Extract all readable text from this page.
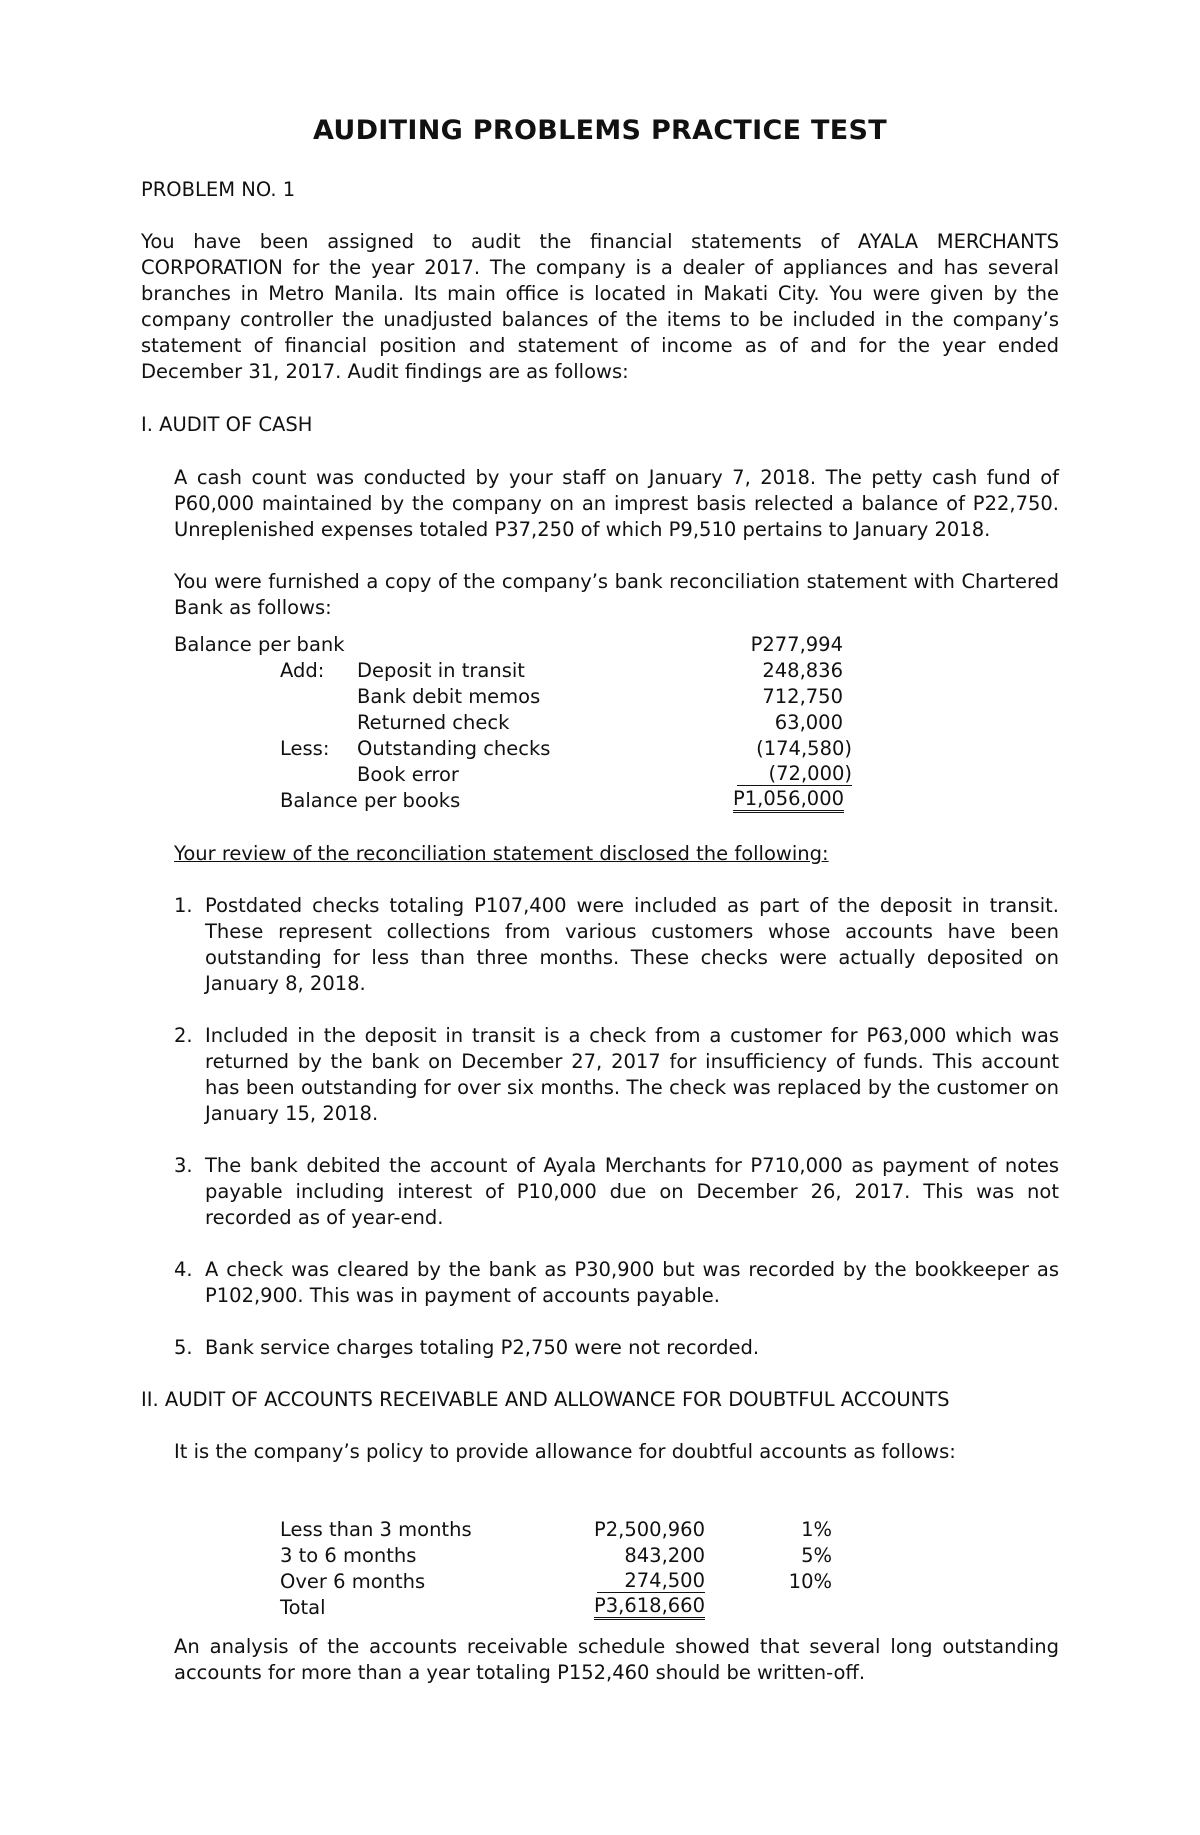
AUDITING PROBLEMS PRACTICE TEST
PROBLEM NO. 1

You have been assigned to audit the financial statements of AYALA MERCHANTS CORPORATION for the year 2017. The company is a dealer of appliances and has several branches in Metro Manila. Its main office is located in Makati City. You were given by the company controller the unadjusted balances of the items to be included in the company’s statement of financial position and statement of income as of and for the year ended December 31, 2017. Audit findings are as follows:

I. AUDIT OF CASH

A cash count was conducted by your staff on January 7, 2018. The petty cash fund of P60,000 maintained by the company on an imprest basis relected a balance of P22,750. Unreplenished expenses totaled P37,250 of which P9,510 pertains to January 2018.

You were furnished a copy of the company’s bank reconciliation statement with Chartered Bank as follows:

Balance per bank	P277,994
Add: Deposit in transit	248,836
Bank debit memos	712,750
Returned check	63,000
Less: Outstanding checks	(174,580)
Book error	(72,000)
Balance per books	P1,056,000
Your review of the reconciliation statement disclosed the following:
1. Postdated checks totaling P107,400 were included as part of the deposit in transit. These represent collections from various customers whose accounts have been outstanding for less than three months. These checks were actually deposited on January 8, 2018.

2. Included in the deposit in transit is a check from a customer for P63,000 which was returned by the bank on December 27, 2017 for insufficiency of funds. This account has been outstanding for over six months. The check was replaced by the customer on January 15, 2018.

3. The bank debited the account of Ayala Merchants for P710,000 as payment of notes payable including interest of P10,000 due on December 26, 2017. This was not recorded as of year-end.

4. A check was cleared by the bank as P30,900 but was recorded by the bookkeeper as P102,900. This was in payment of accounts payable.

5. Bank service charges totaling P2,750 were not recorded.

II. AUDIT OF ACCOUNTS RECEIVABLE AND ALLOWANCE FOR DOUBTFUL ACCOUNTS
It is the company’s policy to provide allowance for doubtful accounts as follows:
Less than 3 months	P2,500,960	1%
3 to 6 months	843,200	5%
Over 6 months	274,500	10%
Total	P3,618,660

An analysis of the accounts receivable schedule showed that several long outstanding accounts for more than a year totaling P152,460 should be written-off.
